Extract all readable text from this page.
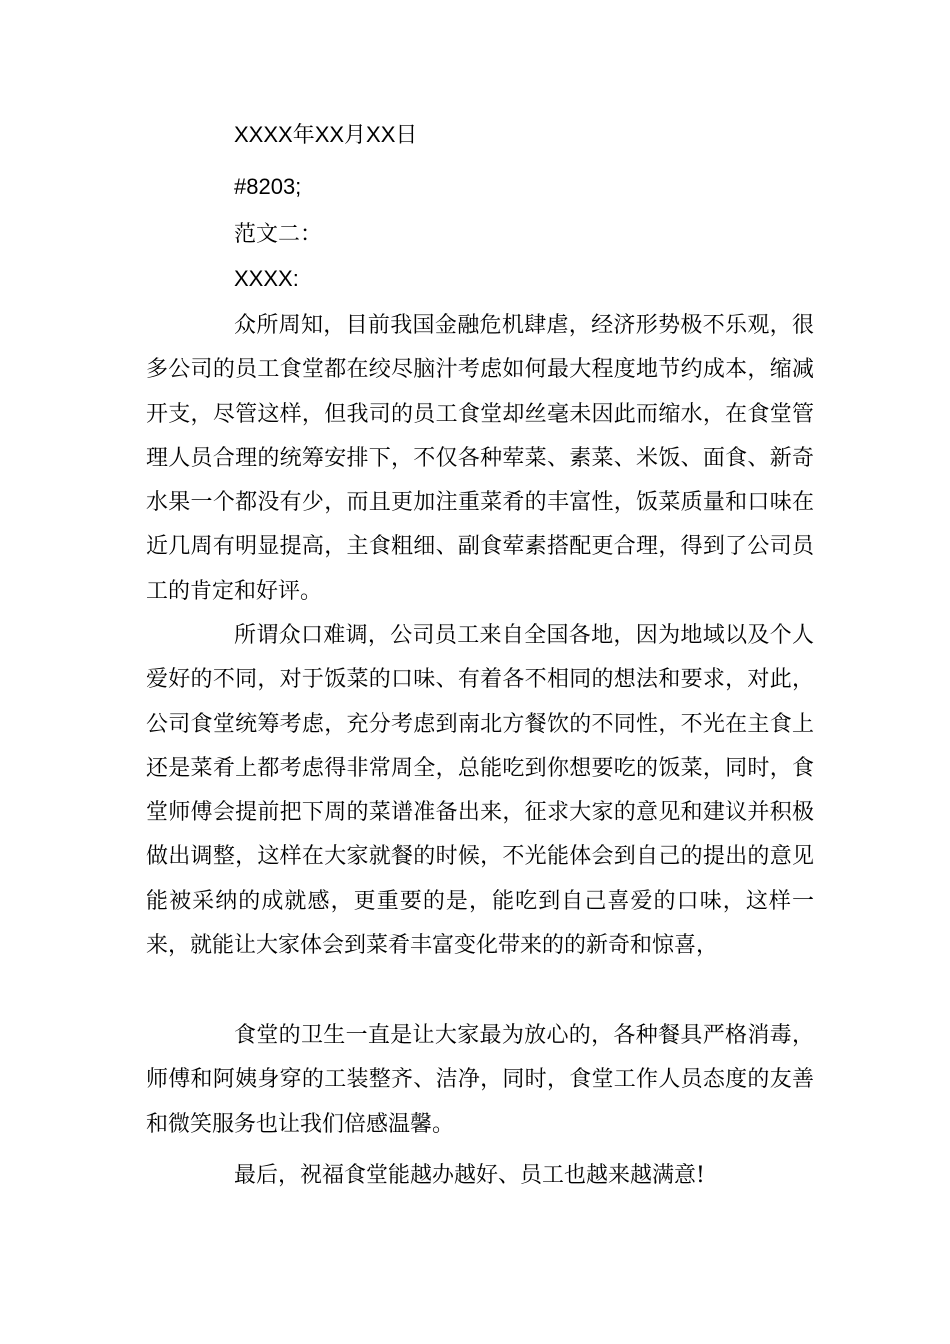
XXXX年XX月XX日
#8203;
范文二：
XXXX:

众所周知，目前我国金融危机肆虐，经济形势极不乐观，很多公司的员工食堂都在绞尽脑汁考虑如何最大程度地节约成本，缩减开支，尽管这样，但我司的员工食堂却丝毫未因此而缩水，在食堂管理人员合理的统筹安排下，不仅各种荤菜、素菜、米饭、面食、新奇水果一个都没有少，而且更加注重菜肴的丰富性，饭菜质量和口味在近几周有明显提高，主食粗细、副食荤素搭配更合理，得到了公司员工的肯定和好评。

所谓众口难调，公司员工来自全国各地，因为地域以及个人爱好的不同，对于饭菜的口味、有着各不相同的想法和要求，对此，公司食堂统筹考虑，充分考虑到南北方餐饮的不同性，不光在主食上还是菜肴上都考虑得非常周全，总能吃到你想要吃的饭菜，同时，食堂师傅会提前把下周的菜谱准备出来，征求大家的意见和建议并积极做出调整，这样在大家就餐的时候，不光能体会到自己的提出的意见能被采纳的成就感，更重要的是，能吃到自己喜爱的口味，这样一来，就能让大家体会到菜肴丰富变化带来的的新奇和惊喜，

食堂的卫生一直是让大家最为放心的，各种餐具严格消毒，师傅和阿姨身穿的工装整齐、洁净，同时，食堂工作人员态度的友善和微笑服务也让我们倍感温馨。

最后，祝福食堂能越办越好、员工也越来越满意!
